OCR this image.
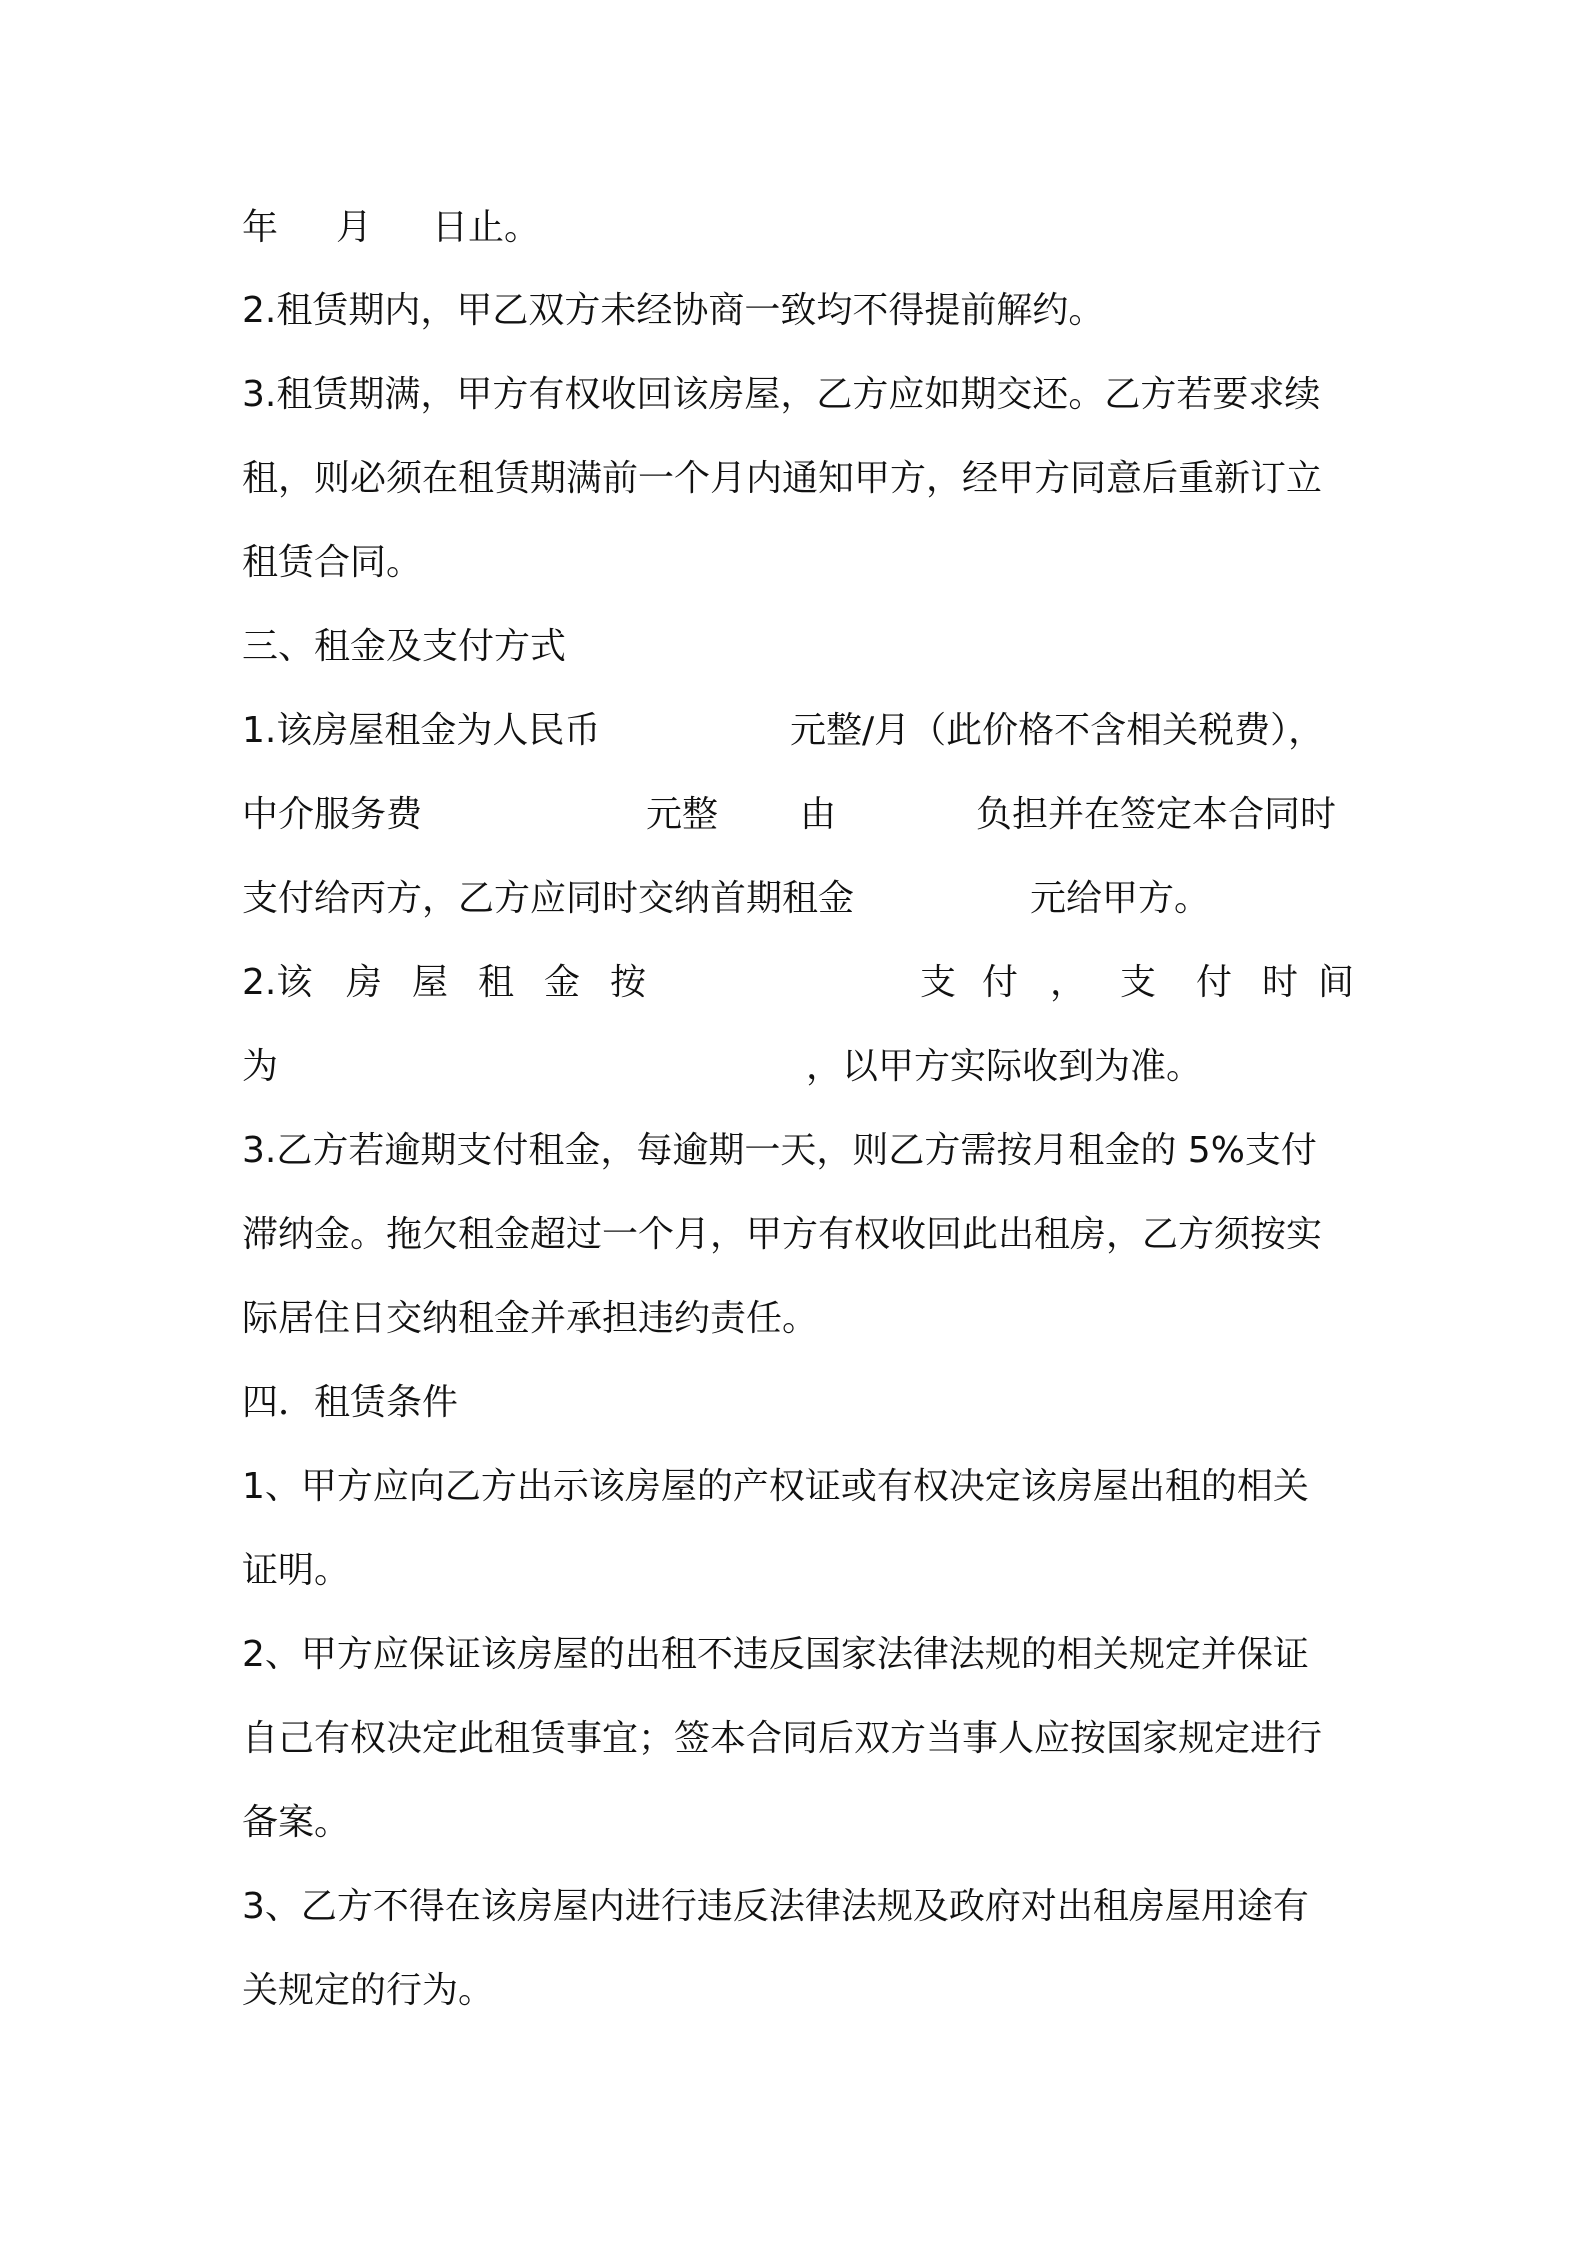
年 月 日止。
2.租赁期内，甲乙双方未经协商一致均不得提前解约。
3.租赁期满，甲方有权收回该房屋，乙方应如期交还。乙方若要求续
租，则必须在租赁期满前一个月内通知甲方，经甲方同意后重新订立
租赁合同。
三、租金及支付方式
1.该房屋租金为人民币	元整/月（此价格不含相关税费），
中介服务费	元整 由	负担并在签定本合同时
支付给丙方，乙方应同时交纳首期租金	元给甲方。
2.该 房 屋 租 金 按	支 付 ， 支 付 时 间
为	，以甲方实际收到为准。
3.乙方若逾期支付租金，每逾期一天，则乙方需按月租金的 5%支付
滞纳金。拖欠租金超过一个月，甲方有权收回此出租房，乙方须按实
际居住日交纳租金并承担违约责任。
四．租赁条件
1、甲方应向乙方出示该房屋的产权证或有权决定该房屋出租的相关
证明。
2、甲方应保证该房屋的出租不违反国家法律法规的相关规定并保证
自己有权决定此租赁事宜；签本合同后双方当事人应按国家规定进行
备案。
3、乙方不得在该房屋内进行违反法律法规及政府对出租房屋用途有
关规定的行为。
